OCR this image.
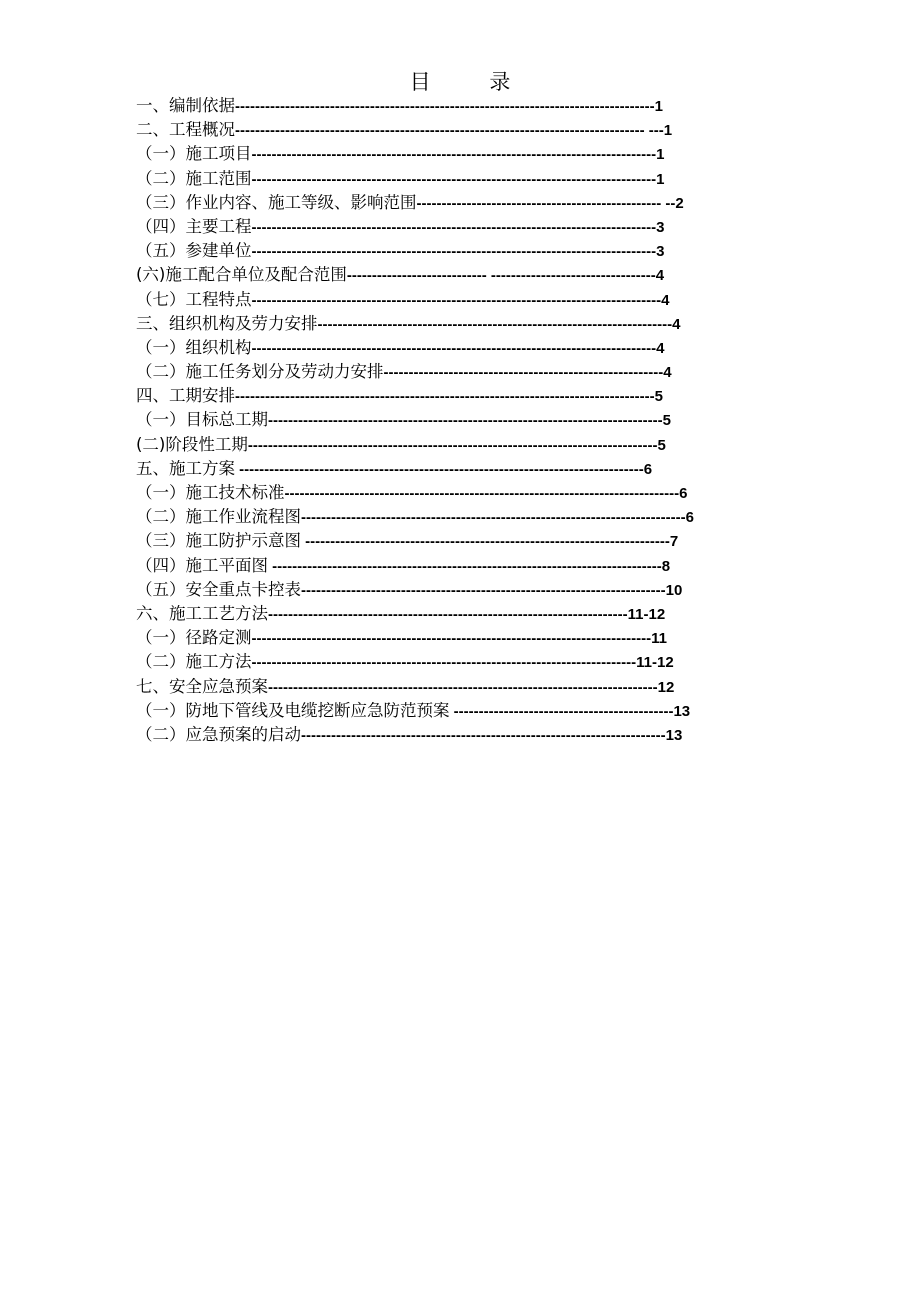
目 录
一、编制依据------------------------------------------------------------------------------------1
二、工程概况---------------------------------------------------------------------------------- ---1
（一）施工项目---------------------------------------------------------------------------------1
（二）施工范围---------------------------------------------------------------------------------1
（三）作业内容、施工等级、影响范围------------------------------------------------- --2
（四）主要工程---------------------------------------------------------------------------------3
（五）参建单位---------------------------------------------------------------------------------3
(六)施工配合单位及配合范围---------------------------- ---------------------------------4
（七）工程特点----------------------------------------------------------------------------------4
三、组织机构及劳力安排-----------------------------------------------------------------------4
（一）组织机构---------------------------------------------------------------------------------4
（二）施工任务划分及劳动力安排--------------------------------------------------------4
四、工期安排------------------------------------------------------------------------------------5
（一）目标总工期-------------------------------------------------------------------------------5
(二)阶段性工期----------------------------------------------------------------------------------5
五、施工方案 ---------------------------------------------------------------------------------6
（一）施工技术标准-------------------------------------------------------------------------------6
（二）施工作业流程图-----------------------------------------------------------------------------6
（三）施工防护示意图 -------------------------------------------------------------------------7
（四）施工平面图 ------------------------------------------------------------------------------8
（五）安全重点卡控表-------------------------------------------------------------------------10
六、施工工艺方法------------------------------------------------------------------------11-12
（一）径路定测--------------------------------------------------------------------------------11
（二）施工方法-----------------------------------------------------------------------------11-12
七、安全应急预案------------------------------------------------------------------------------12
（一）防地下管线及电缆挖断应急防范预案 --------------------------------------------13
（二）应急预案的启动-------------------------------------------------------------------------13
